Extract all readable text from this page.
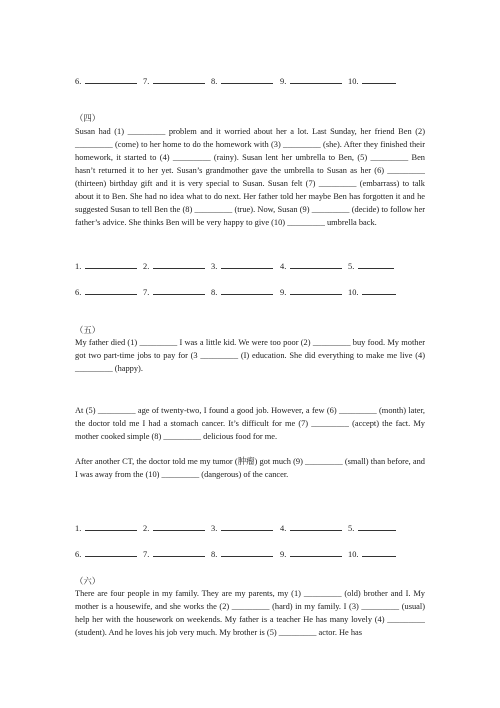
6.	7.	8.	9.	10.
（四）

Susan had (1) _________ problem and it worried about her a lot. Last Sunday, her friend Ben (2) _________ (come) to her home to do the homework with (3) _________ (she). After they finished their homework, it started to (4) _________ (rainy). Susan lent her umbrella to Ben, (5) _________ Ben hasn’t returned it to her yet. Susan’s grandmother gave the umbrella to Susan as her (6) _________ (thirteen) birthday gift and it is very special to Susan. Susan felt (7) _________ (embarrass) to talk about it to Ben. She had no idea what to do next. Her father told her maybe Ben has forgotten it and he suggested Susan to tell Ben the (8) _________ (true). Now, Susan (9) _________ (decide) to follow her father’s advice. She thinks Ben will be very happy to give (10) _________ umbrella back.

1.	2.	3.	4.	5.
6.	7.	8.	9.	10.
（五）

My father died (1) _________ I was a little kid. We were too poor (2) _________ buy food. My mother got two part-time jobs to pay for (3 _________ (I) education. She did everything to make me live (4) _________ (happy).

At (5) _________ age of twenty-two, I found a good job. However, a few (6) _________ (month) later, the doctor told me I had a stomach cancer. It’s difficult for me (7) _________ (accept) the fact. My mother cooked simple (8) _________ delicious food for me.

After another CT, the doctor told me my tumor (肿瘤) got much (9) _________ (small) than before, and I was away from the (10) _________ (dangerous) of the cancer.

1.	2.	3.	4.	5.
6.	7.	8.	9.	10.
（六）

There are four people in my family. They are my parents, my (1) _________ (old) brother and I. My mother is a housewife, and she works the (2) _________ (hard) in my family. I (3) _________ (usual) help her with the housework on weekends. My father is a teacher He has many lovely (4) _________ (student). And he loves his job very much. My brother is (5) _________ actor. He has
